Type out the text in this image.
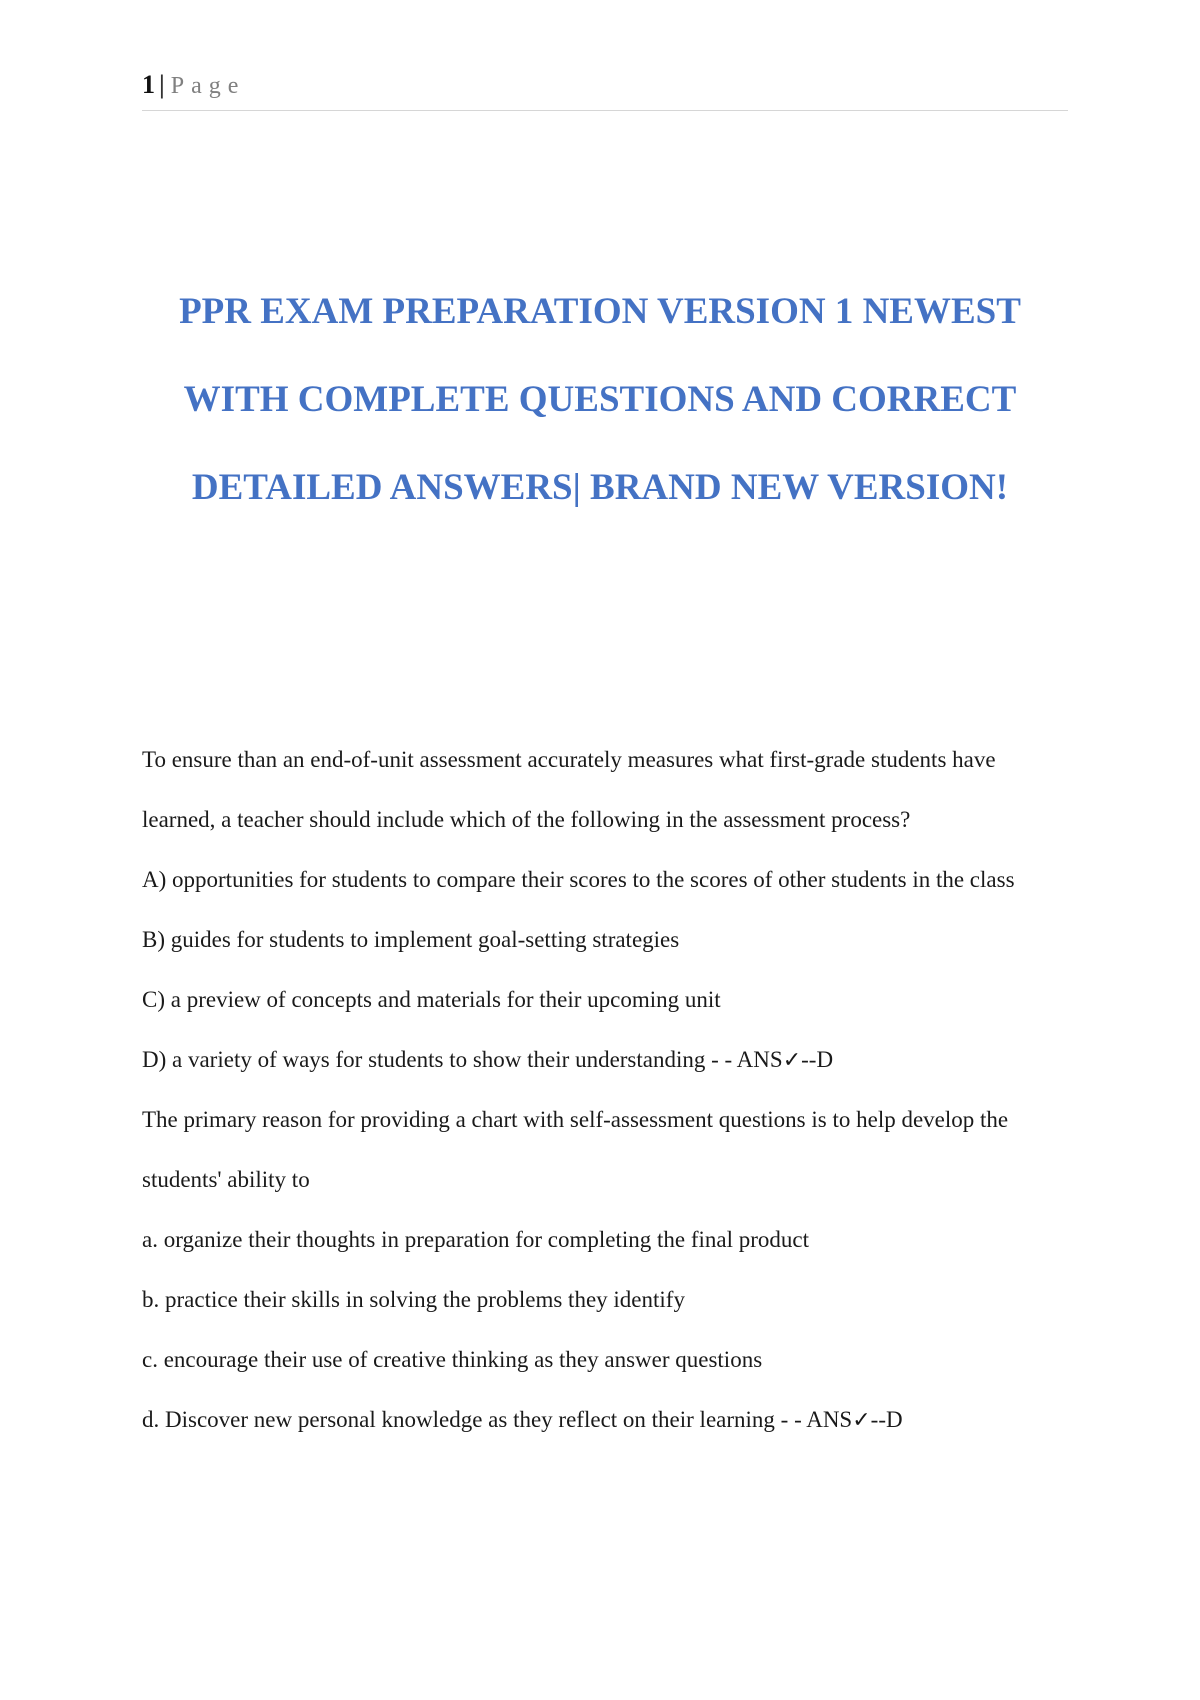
1 | Page
PPR EXAM PREPARATION VERSION 1 NEWEST
WITH COMPLETE QUESTIONS AND CORRECT
DETAILED ANSWERS| BRAND NEW VERSION!
To ensure than an end-of-unit assessment accurately measures what first-grade students have
learned, a teacher should include which of the following in the assessment process?
A) opportunities for students to compare their scores to the scores of other students in the class
B) guides for students to implement goal-setting strategies
C) a preview of concepts and materials for their upcoming unit
D) a variety of ways for students to show their understanding - - ANS✓--D
The primary reason for providing a chart with self-assessment questions is to help develop the
students' ability to
a. organize their thoughts in preparation for completing the final product
b. practice their skills in solving the problems they identify
c. encourage their use of creative thinking as they answer questions
d. Discover new personal knowledge as they reflect on their learning - - ANS✓--D
